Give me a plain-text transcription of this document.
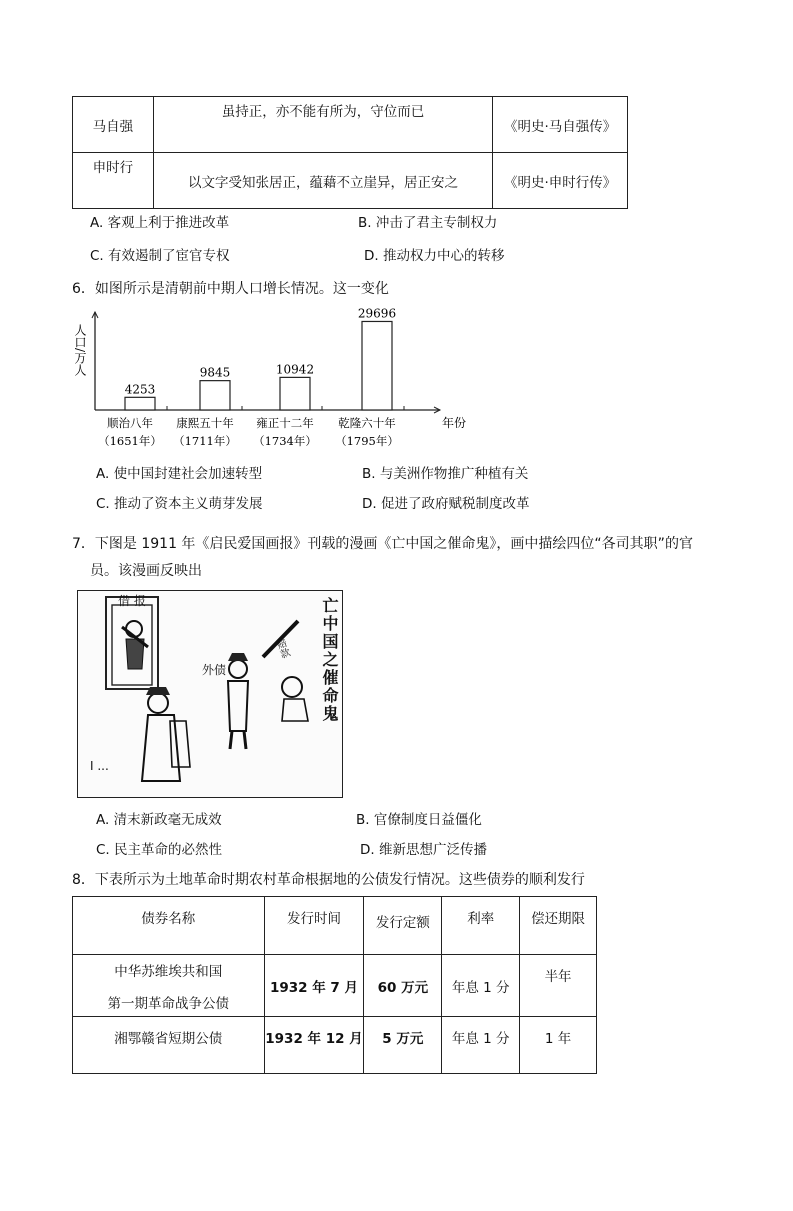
马自强	虽持正，亦不能有所为，守位而已	《明史·马自强传》
申时行	以文字受知张居正，蕴藉不立崖异，居正安之	《明史·申时行传》
A. 客观上利于推进改革	B. 冲击了君主专制权力
C. 有效遏制了宦官专权	D. 推动权力中心的转移
6．如图所示是清朝前中期人口增长情况。这一变化
人口/万人
年份
4253
顺治八年
（1651年）
9845
康熙五十年
（1711年）
10942
雍正十二年
（1734年）
29696
乾隆六十年
（1795年）
A. 使中国封建社会加速转型	B. 与美洲作物推广种植有关
C. 推动了资本主义萌芽发展	D. 促进了政府赋税制度改革
7．下图是 1911 年《启民爱国画报》刊载的漫画《亡中国之催命鬼》，画中描绘四位“各司其职”的官
员。该漫画反映出
借 报
外债
赔款
I ...
亡中国之催命鬼
A. 清末新政毫无成效	B. 官僚制度日益僵化
C. 民主革命的必然性	D. 维新思想广泛传播
8．下表所示为土地革命时期农村革命根据地的公债发行情况。这些债券的顺利发行
债券名称	发行时间	发行定额	利率	偿还期限

中华苏维埃共和国
第一期革命战争公债	1932 年 7 月	60 万元	年息 1 分	半年
湘鄂赣省短期公债	1932 年 12 月	5 万元	年息 1 分	1 年
